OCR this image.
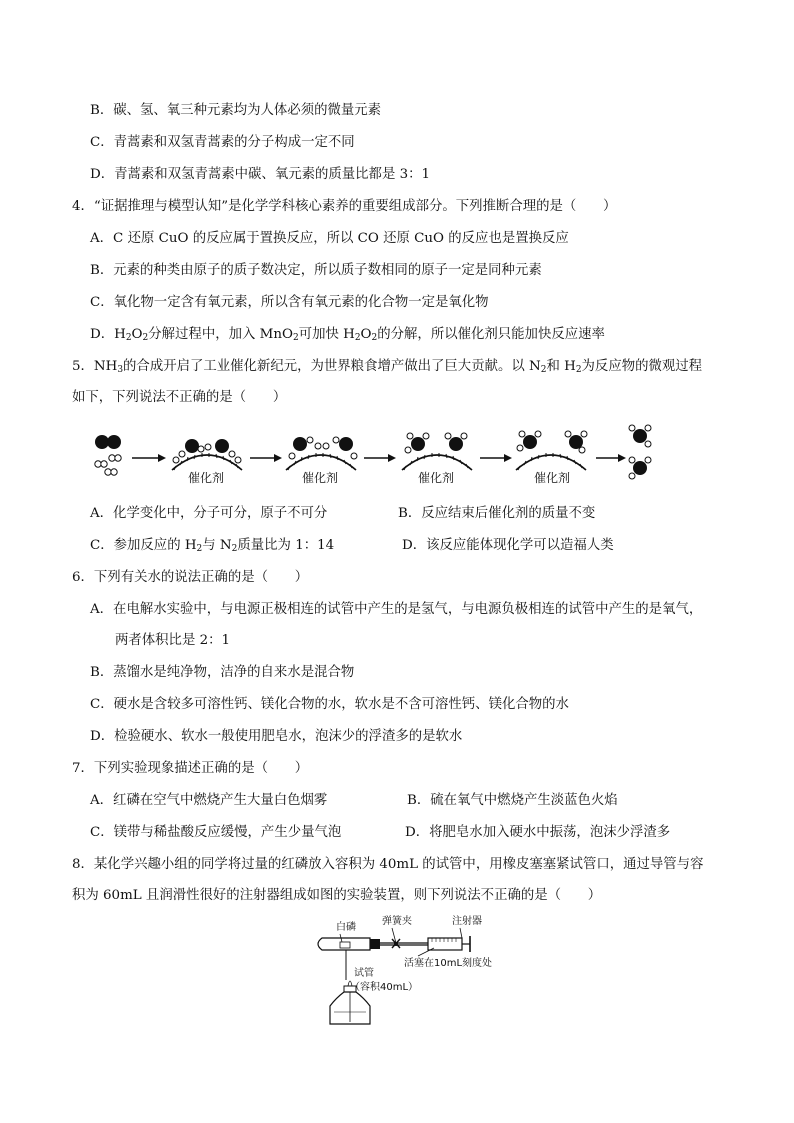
B．碳、氢、氧三种元素均为人体必须的微量元素
C．青蒿素和双氢青蒿素的分子构成一定不同
D．青蒿素和双氢青蒿素中碳、氧元素的质量比都是 3：1
4．“证据推理与模型认知”是化学学科核心素养的重要组成部分。下列推断合理的是（　　）
A．C 还原 CuO 的反应属于置换反应，所以 CO 还原 CuO 的反应也是置换反应
B．元素的种类由原子的质子数决定，所以质子数相同的原子一定是同种元素
C．氧化物一定含有氧元素，所以含有氧元素的化合物一定是氧化物
D．$H_2O_2$分解过程中，加入 MnO$_2$可加快 $H_2O_2$的分解，所以催化剂只能加快反应速率
5．$NH_3$的合成开启了工业催化新纪元，为世界粮食增产做出了巨大贡献。以 $N_2$和 $H_2$为反应物的微观过程
如下，下列说法不正确的是（　　）
催化剂	催化剂	催化剂	催化剂
A．化学变化中，分子可分，原子不可分	B．反应结束后催化剂的质量不变
C．参加反应的 $H_2$与 $N_2$质量比为 1：14	D．该反应能体现化学可以造福人类
6．下列有关水的说法正确的是（　　）
A．在电解水实验中，与电源正极相连的试管中产生的是氢气，与电源负极相连的试管中产生的是氧气，
两者体积比是 2：1
B．蒸馏水是纯净物，洁净的自来水是混合物
C．硬水是含较多可溶性钙、镁化合物的水，软水是不含可溶性钙、镁化合物的水
D．检验硬水、软水一般使用肥皂水，泡沫少的浮渣多的是软水
7．下列实验现象描述正确的是（　　）
A．红磷在空气中燃烧产生大量白色烟雾	B．硫在氧气中燃烧产生淡蓝色火焰
C．镁带与稀盐酸反应缓慢，产生少量气泡	D．将肥皂水加入硬水中振荡，泡沫少浮渣多
8．某化学兴趣小组的同学将过量的红磷放入容积为 40mL 的试管中，用橡皮塞塞紧试管口，通过导管与容
积为 60mL 且润滑性很好的注射器组成如图的实验装置，则下列说法不正确的是（　　）
白磷
弹簧夹	注射器
活塞在10mL刻度处
试管
（容积40mL）
